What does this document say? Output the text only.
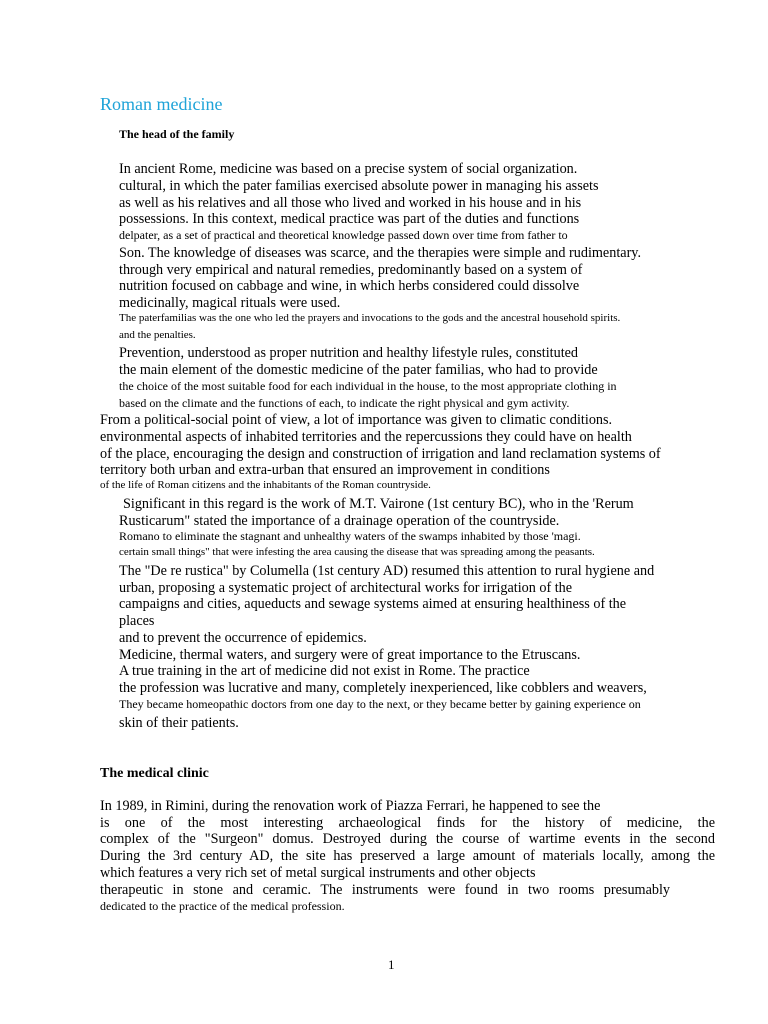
Roman medicine
The head of the family
In ancient Rome, medicine was based on a precise system of social organization.
cultural, in which the pater familias exercised absolute power in managing his assets
as well as his relatives and all those who lived and worked in his house and in his
possessions. In this context, medical practice was part of the duties and functions
delpater, as a set of practical and theoretical knowledge passed down over time from father to
Son. The knowledge of diseases was scarce, and the therapies were simple and rudimentary.
through very empirical and natural remedies, predominantly based on a system of
nutrition focused on cabbage and wine, in which herbs considered could dissolve
medicinally, magical rituals were used.
The paterfamilias was the one who led the prayers and invocations to the gods and the ancestral household spirits.
and the penalties.
Prevention, understood as proper nutrition and healthy lifestyle rules, constituted
the main element of the domestic medicine of the pater familias, who had to provide
the choice of the most suitable food for each individual in the house, to the most appropriate clothing in
based on the climate and the functions of each, to indicate the right physical and gym activity.
From a political-social point of view, a lot of importance was given to climatic conditions.
environmental aspects of inhabited territories and the repercussions they could have on health
of the place, encouraging the design and construction of irrigation and land reclamation systems of
territory both urban and extra-urban that ensured an improvement in conditions
of the life of Roman citizens and the inhabitants of the Roman countryside.
Significant in this regard is the work of M.T. Vairone (1st century BC), who in the 'Rerum
Rusticarum" stated the importance of a drainage operation of the countryside.
Romano to eliminate the stagnant and unhealthy waters of the swamps inhabited by those 'magi.
certain small things" that were infesting the area causing the disease that was spreading among the peasants.
The "De re rustica" by Columella (1st century AD) resumed this attention to rural hygiene and
urban, proposing a systematic project of architectural works for irrigation of the
campaigns and cities, aqueducts and sewage systems aimed at ensuring healthiness of the
places
and to prevent the occurrence of epidemics.
Medicine, thermal waters, and surgery were of great importance to the Etruscans.
A true training in the art of medicine did not exist in Rome. The practice
the profession was lucrative and many, completely inexperienced, like cobblers and weavers,
They became homeopathic doctors from one day to the next, or they became better by gaining experience on
skin of their patients.
The medical clinic
In 1989, in Rimini, during the renovation work of Piazza Ferrari, he happened to see the
is one of the most interesting archaeological finds for the history of medicine, the
complex of the "Surgeon" domus. Destroyed during the course of wartime events in the second
During the 3rd century AD, the site has preserved a large amount of materials locally, among the
which features a very rich set of metal surgical instruments and other objects
therapeutic in stone and ceramic. The instruments were found in two rooms presumably
dedicated to the practice of the medical profession.
1
